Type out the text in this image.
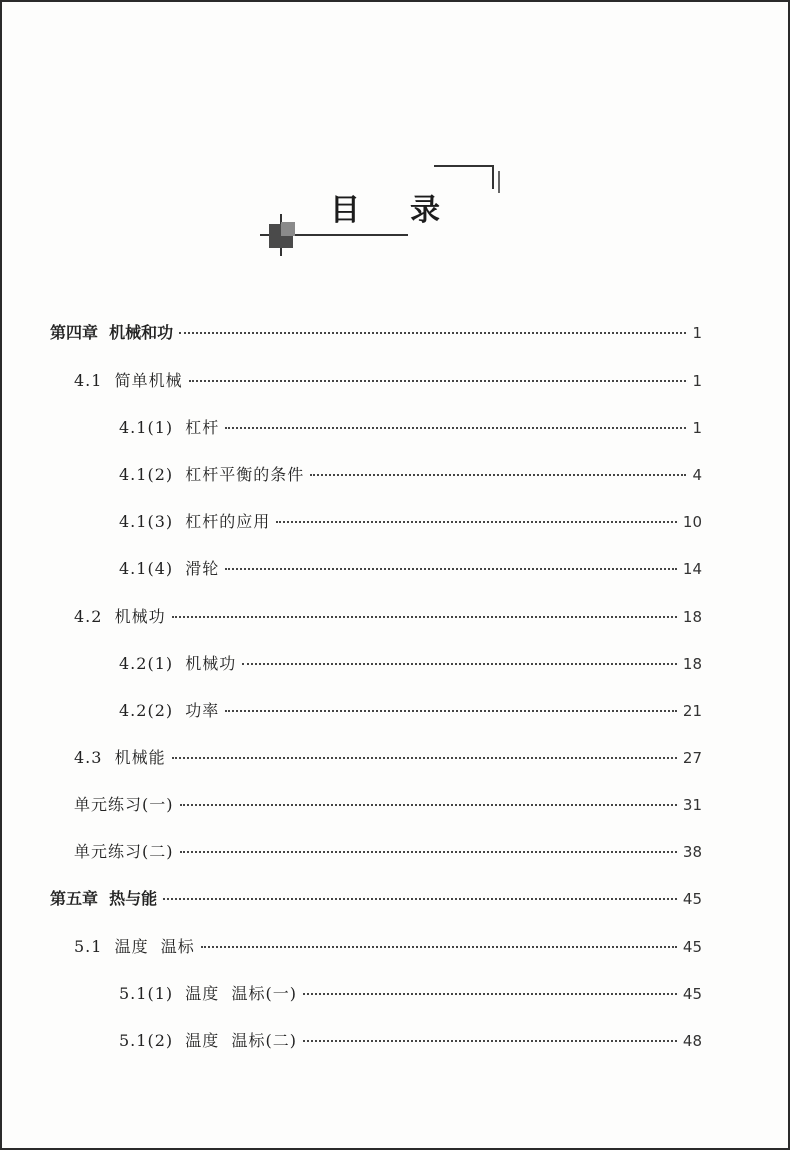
目录
第四章  机械和功	1
4.1  简单机械	1
4.1(1)  杠杆	1
4.1(2)  杠杆平衡的条件	4
4.1(3)  杠杆的应用	10
4.1(4)  滑轮	14
4.2  机械功	18
4.2(1)  机械功	18
4.2(2)  功率	21
4.3  机械能	27
单元练习(一)	31
单元练习(二)	38
第五章  热与能	45
5.1  温度  温标	45
5.1(1)  温度  温标(一)	45
5.1(2)  温度  温标(二)	48
